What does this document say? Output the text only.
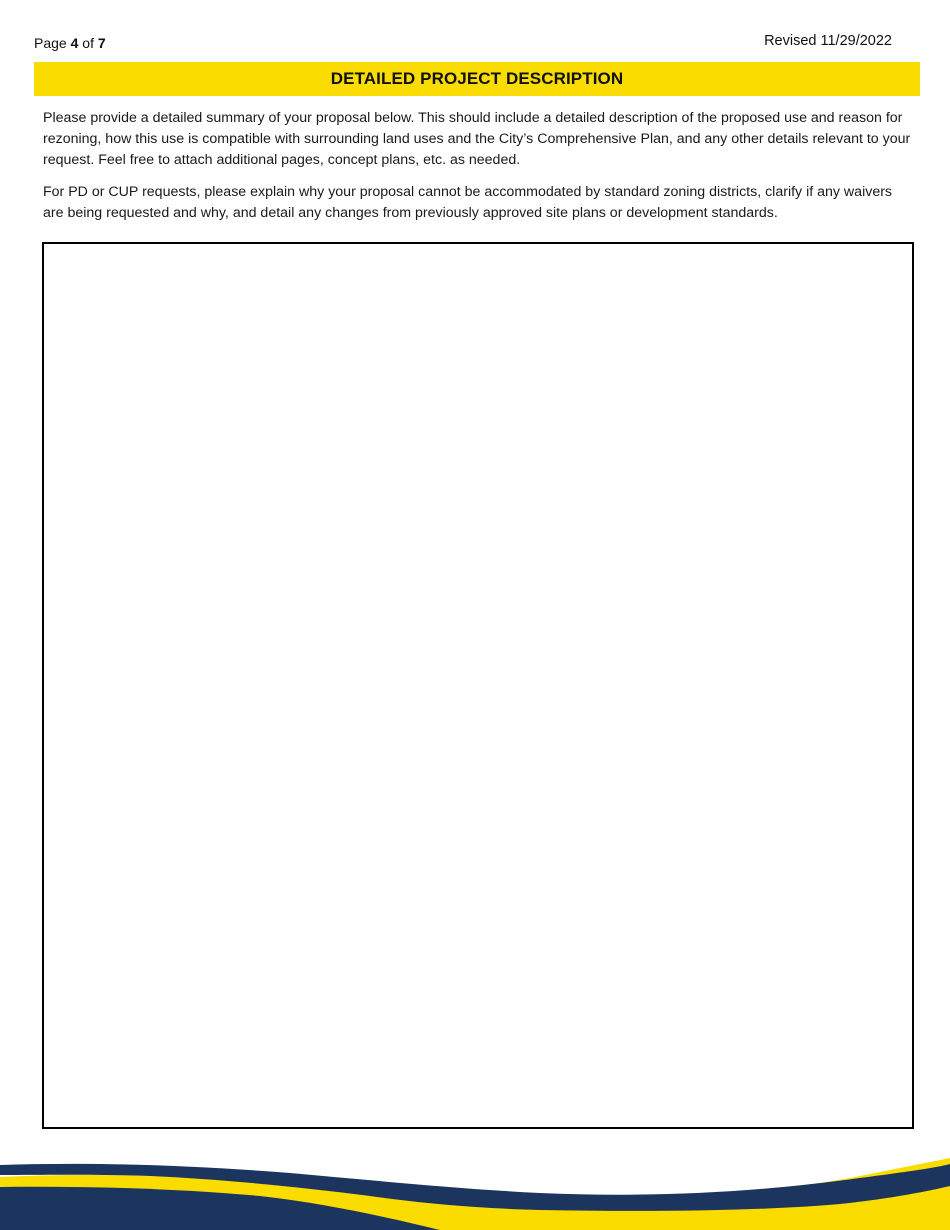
Page 4 of 7	Revised 11/29/2022
DETAILED PROJECT DESCRIPTION

Please provide a detailed summary of your proposal below. This should include a detailed description of the proposed use and reason for rezoning, how this use is compatible with surrounding land uses and the City’s Comprehensive Plan, and any other details relevant to your request. Feel free to attach additional pages, concept plans, etc. as needed.

For PD or CUP requests, please explain why your proposal cannot be accommodated by standard zoning districts, clarify if any waivers are being requested and why, and detail any changes from previously approved site plans or development standards.
